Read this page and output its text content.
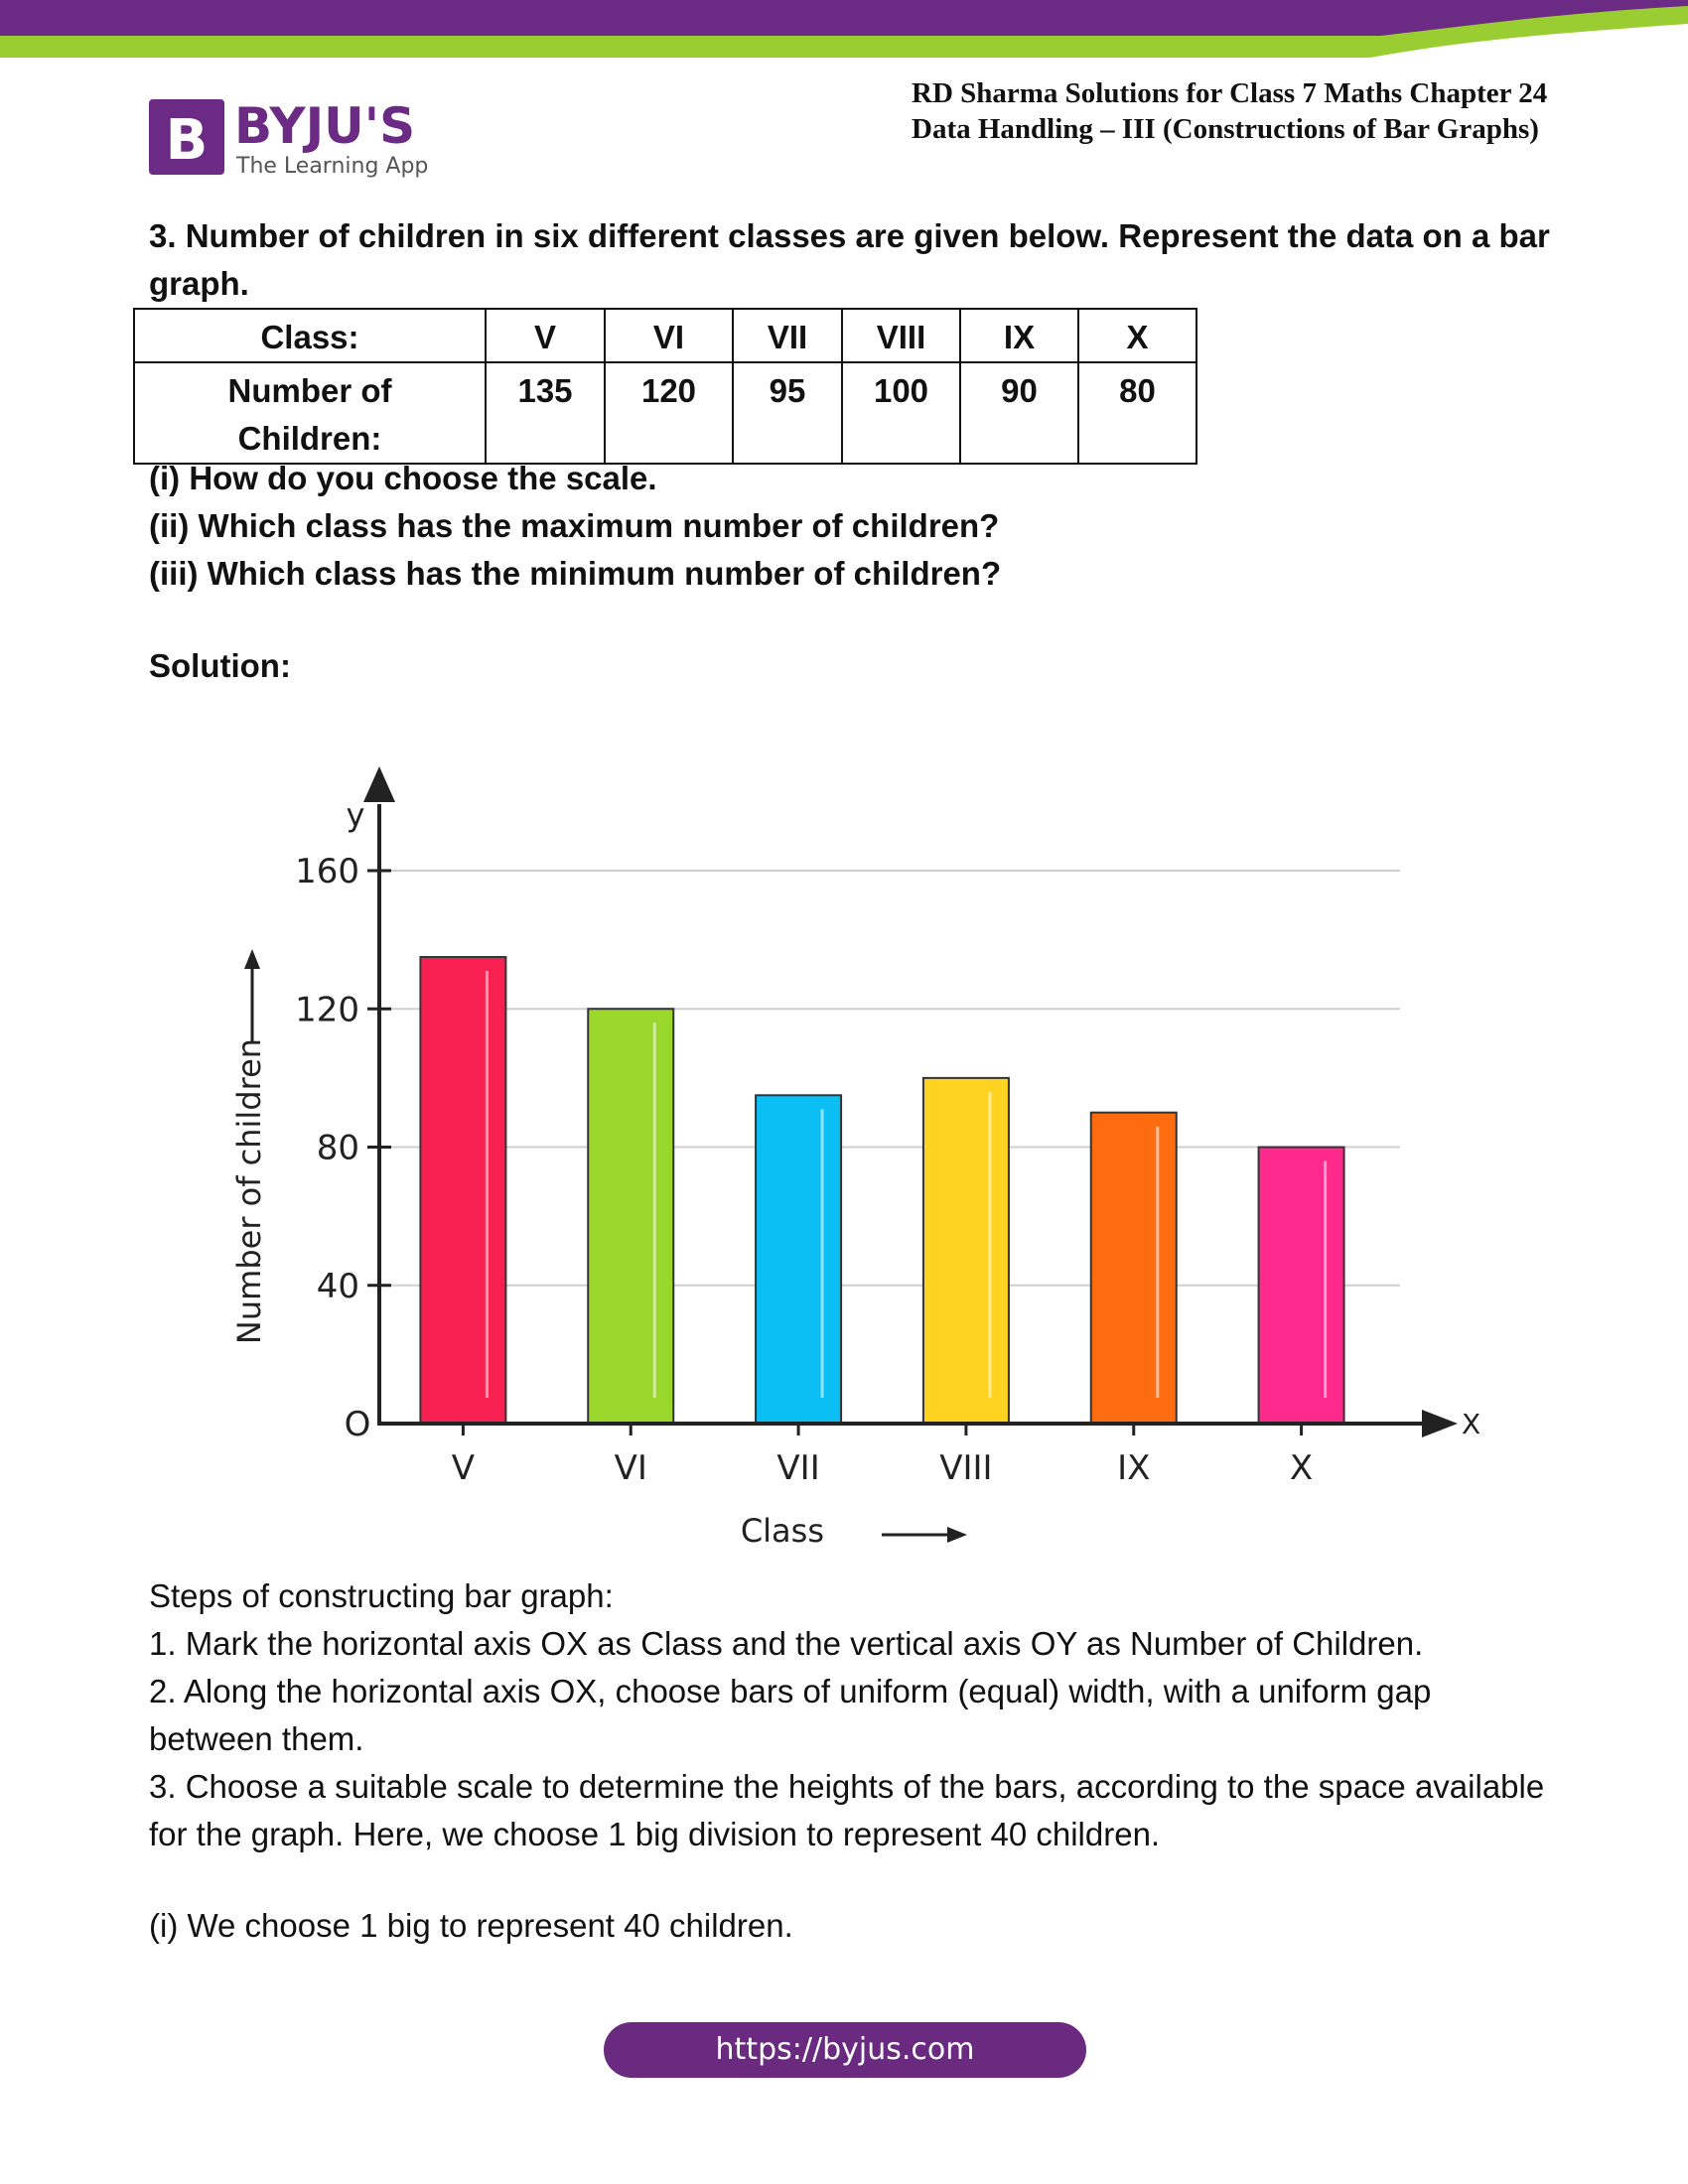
B BYJU'S
The Learning App
RD Sharma Solutions for Class 7 Maths Chapter 24
Data Handling – III (Constructions of Bar Graphs)
3. Number of children in six different classes are given below. Represent the data on a bar graph.
Class:	V	VI	VII	VIII	IX	X
Number of Children:	135	120	95	100	90	80
(i) How do you choose the scale.
(ii) Which class has the maximum number of children?
(iii) Which class has the minimum number of children?
Solution:
y
X
O
Class
Number of children 40
80
120
160
V	VI	VII	VIII	IX	X

Steps of constructing bar graph:

1. Mark the horizontal axis OX as Class and the vertical axis OY as Number of Children.

2. Along the horizontal axis OX, choose bars of uniform (equal) width, with a uniform gap between them.

3. Choose a suitable scale to determine the heights of the bars, according to the space available for the graph. Here, we choose 1 big division to represent 40 children.

(i) We choose 1 big to represent 40 children.
https://byjus.com
